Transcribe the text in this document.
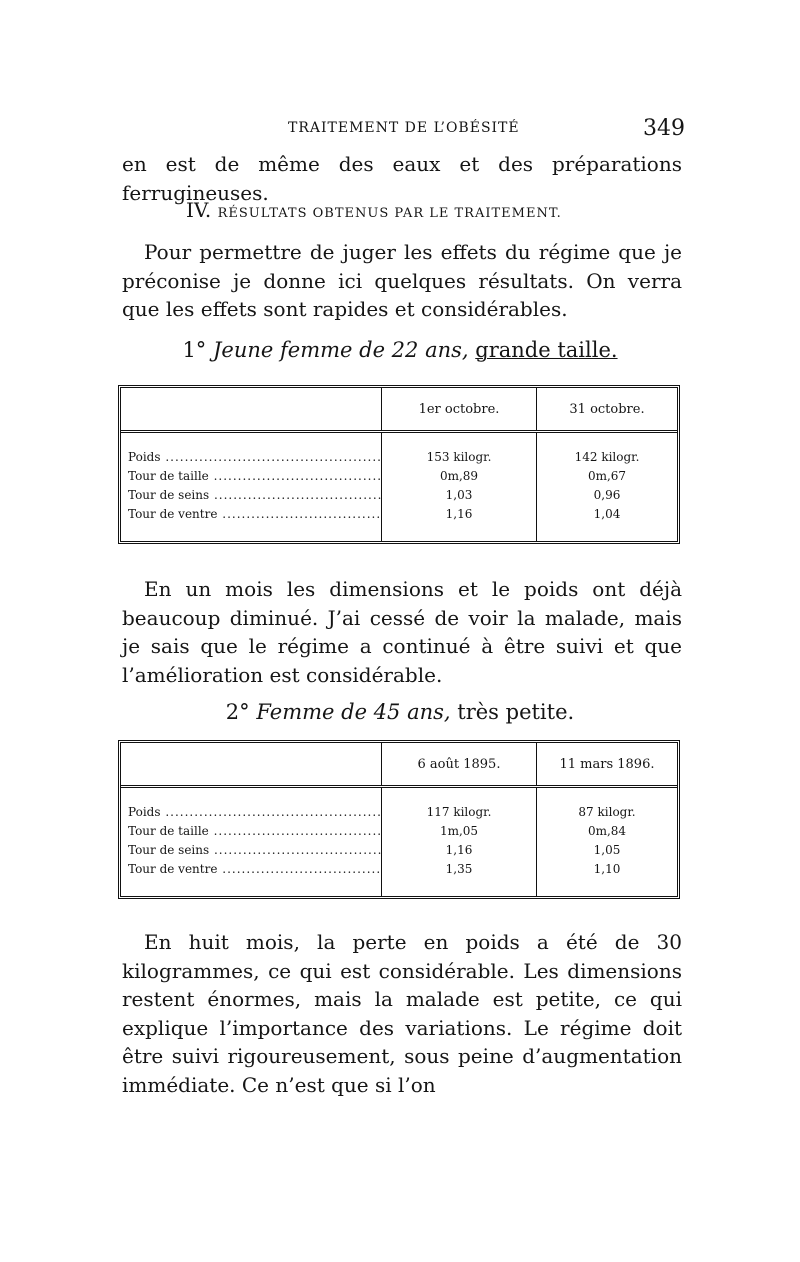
TRAITEMENT DE L’OBÉSITÉ	349

en est de même des eaux et des préparations ferrugineuses.

IV. RÉSULTATS OBTENUS PAR LE TRAITEMENT.

Pour permettre de juger les effets du régime que je préconise je donne ici quelques résultats. On verra que les effets sont rapides et considérables.

1° Jeune femme de 22 ans, grande taille.

	1er octobre.	31 octobre.

Poids .....	153 kilogr.	142 kilogr.
Tour de taille .....	0m,89	0m,67
Tour de seins .....	1,03	0,96
Tour de ventre .....	1,16	1,04

En un mois les dimensions et le poids ont déjà beaucoup diminué. J’ai cessé de voir la malade, mais je sais que le régime a continué à être suivi et que l’amélioration est considérable.

2° Femme de 45 ans, très petite.

	6 août 1895.	11 mars 1896.

Poids .....	117 kilogr.	87 kilogr.
Tour de taille .....	1m,05	0m,84
Tour de seins .....	1,16	1,05
Tour de ventre .....	1,35	1,10

En huit mois, la perte en poids a été de 30 kilogrammes, ce qui est considérable. Les dimensions restent énormes, mais la malade est petite, ce qui explique l’importance des variations. Le régime doit être suivi rigoureusement, sous peine d’augmentation immédiate. Ce n’est que si l’on
